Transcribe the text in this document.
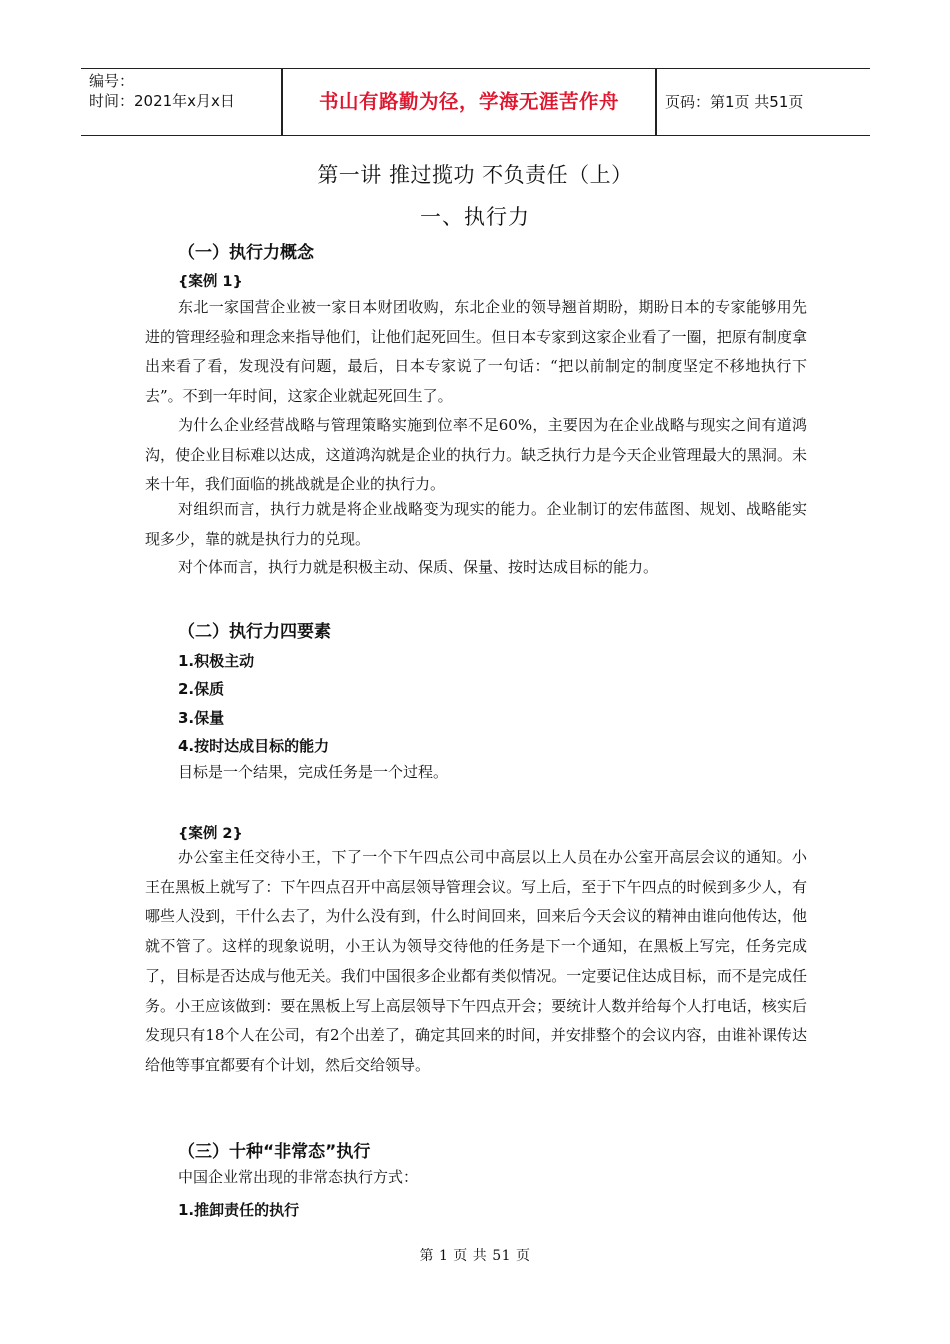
编号：
时间：2021年x月x日	书山有路勤为径，学海无涯苦作舟	页码：第1页 共51页
第一讲 推过揽功 不负责任（上）
一、执行力
（一）执行力概念
{案例 1}

东北一家国营企业被一家日本财团收购，东北企业的领导翘首期盼，期盼日本的专家能够用先进的管理经验和理念来指导他们，让他们起死回生。但日本专家到这家企业看了一圈，把原有制度拿出来看了看，发现没有问题，最后，日本专家说了一句话：“把以前制定的制度坚定不移地执行下去”。不到一年时间，这家企业就起死回生了。

为什么企业经营战略与管理策略实施到位率不足60%，主要因为在企业战略与现实之间有道鸿沟，使企业目标难以达成，这道鸿沟就是企业的执行力。缺乏执行力是今天企业管理最大的黑洞。未来十年，我们面临的挑战就是企业的执行力。

对组织而言，执行力就是将企业战略变为现实的能力。企业制订的宏伟蓝图、规划、战略能实现多少，靠的就是执行力的兑现。

对个体而言，执行力就是积极主动、保质、保量、按时达成目标的能力。

（二）执行力四要素
1.积极主动
2.保质
3.保量
4.按时达成目标的能力

目标是一个结果，完成任务是一个过程。

{案例 2}

办公室主任交待小王，下了一个下午四点公司中高层以上人员在办公室开高层会议的通知。小王在黑板上就写了：下午四点召开中高层领导管理会议。写上后，至于下午四点的时候到多少人，有哪些人没到，干什么去了，为什么没有到，什么时间回来，回来后今天会议的精神由谁向他传达，他就不管了。这样的现象说明，小王认为领导交待他的任务是下一个通知，在黑板上写完，任务完成了，目标是否达成与他无关。我们中国很多企业都有类似情况。一定要记住达成目标，而不是完成任务。小王应该做到：要在黑板上写上高层领导下午四点开会；要统计人数并给每个人打电话，核实后发现只有18个人在公司，有2个出差了，确定其回来的时间，并安排整个的会议内容，由谁补课传达给他等事宜都要有个计划，然后交给领导。

（三）十种“非常态”执行

中国企业常出现的非常态执行方式：

1.推卸责任的执行
第 1 页 共 51 页
